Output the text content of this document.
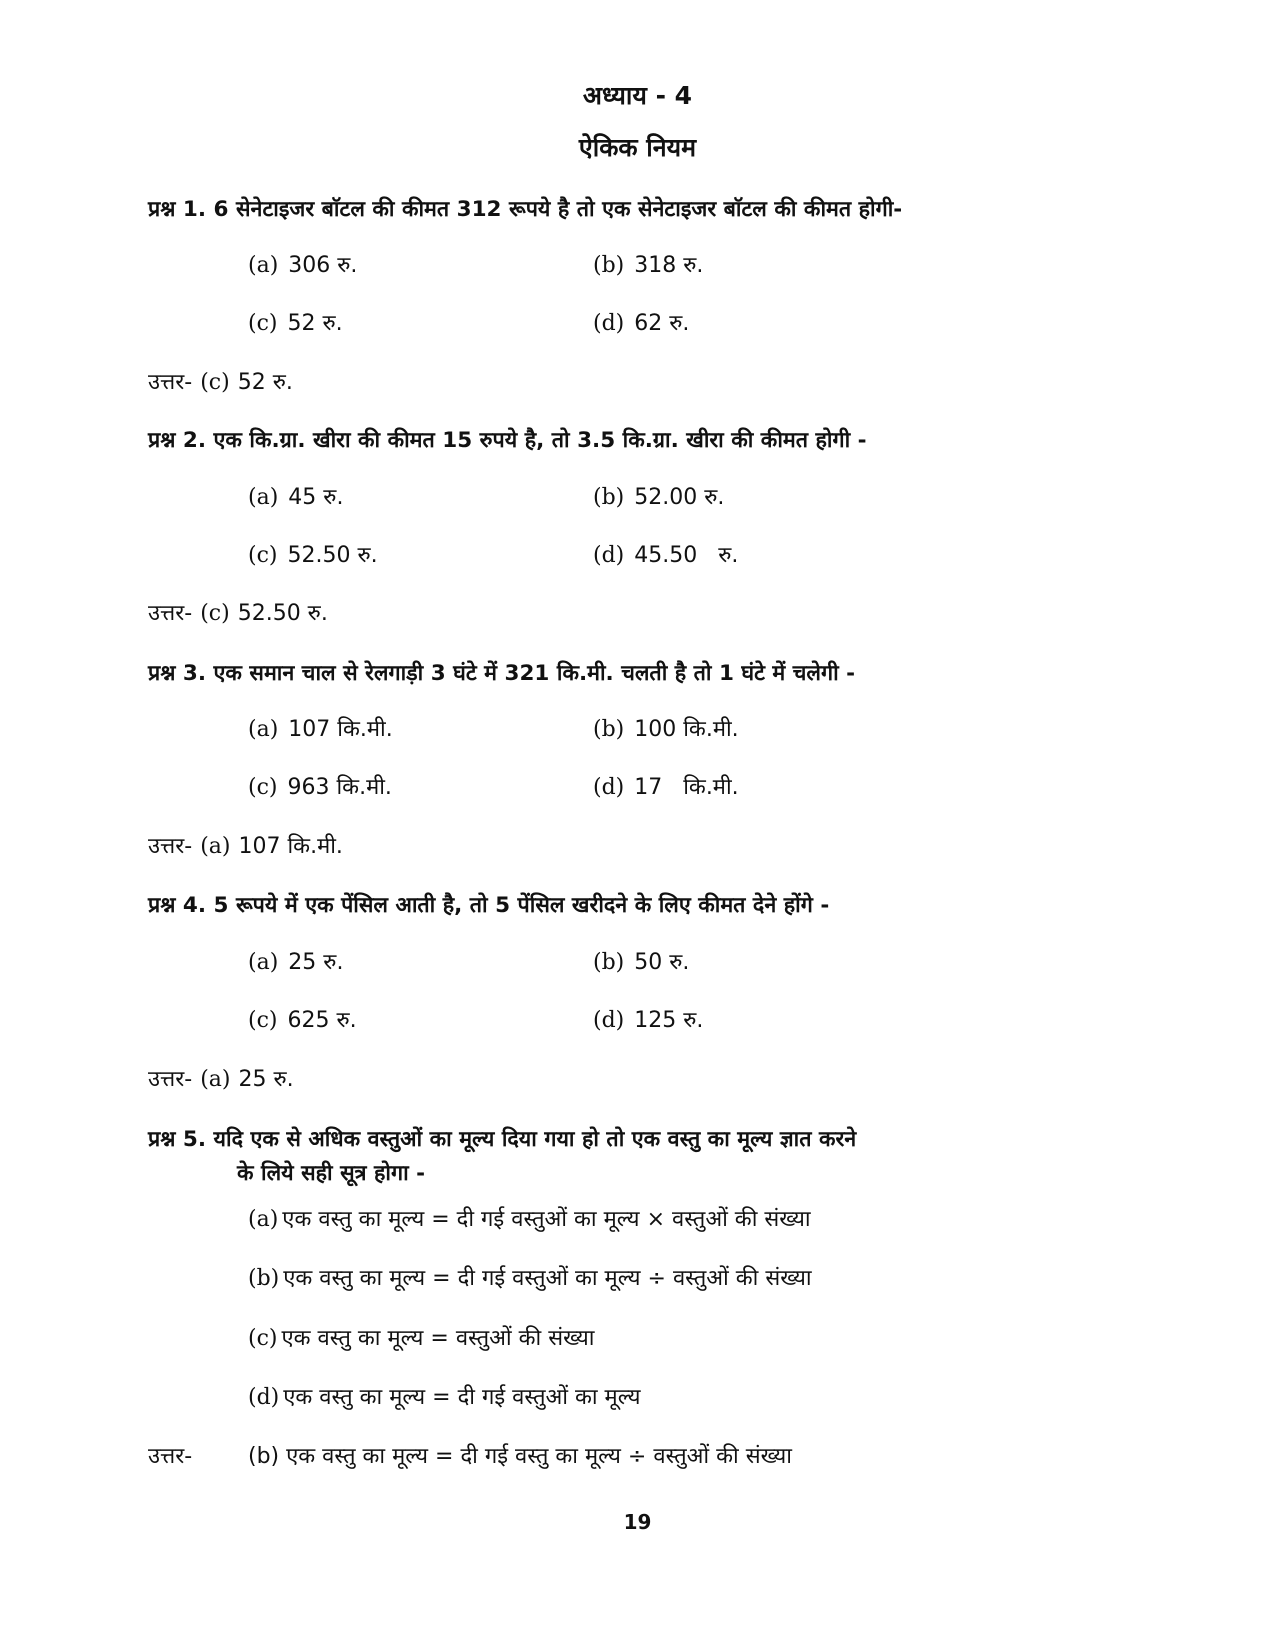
अध्याय - 4
ऐकिक नियम
प्रश्न 1. 6 सेनेटाइजर बाॅटल की कीमत 312 रूपये है तो एक सेनेटाइजर बाॅटल की कीमत होगी-
(a) 306 रु.	(b) 318 रु.
(c) 52 रु.	(d) 62 रु.
उत्तर- (c) 52 रु.
प्रश्न 2. एक कि.ग्रा. खीरा की कीमत 15 रुपये है, तो 3.5 कि.ग्रा. खीरा की कीमत होगी -
(a) 45 रु.	(b) 52.00 रु.
(c) 52.50 रु.	(d) 45.50   रु.
उत्तर- (c) 52.50 रु.
प्रश्न 3. एक समान चाल से रेलगाड़ी 3 घंटे में 321 कि.मी. चलती है तो 1 घंटे में चलेगी -
(a) 107 कि.मी.	(b) 100 कि.मी.
(c) 963 कि.मी.	(d) 17   कि.मी.
उत्तर- (a) 107 कि.मी.
प्रश्न 4. 5 रूपये में एक पेंसिल आती है, तो 5 पेंसिल खरीदने के लिए कीमत देने होंगे -
(a) 25 रु.	(b) 50 रु.
(c) 625 रु.	(d) 125 रु.
उत्तर- (a) 25 रु.
प्रश्न 5. यदि एक से अधिक वस्तुओं का मूल्य दिया गया हो तो एक वस्तु का मूल्य ज्ञात करने
के लिये सही सूत्र होगा -
(a) एक वस्तु का मूल्य = दी गई वस्तुओं का मूल्य × वस्तुओं की संख्या
(b) एक वस्तु का मूल्य = दी गई वस्तुओं का मूल्य ÷ वस्तुओं की संख्या
(c) एक वस्तु का मूल्य = वस्तुओं की संख्या
(d) एक वस्तु का मूल्य = दी गई वस्तुओं का मूल्य
उत्तर-	(b) एक वस्तु का मूल्य = दी गई वस्तु का मूल्य ÷ वस्तुओं की संख्या
19
